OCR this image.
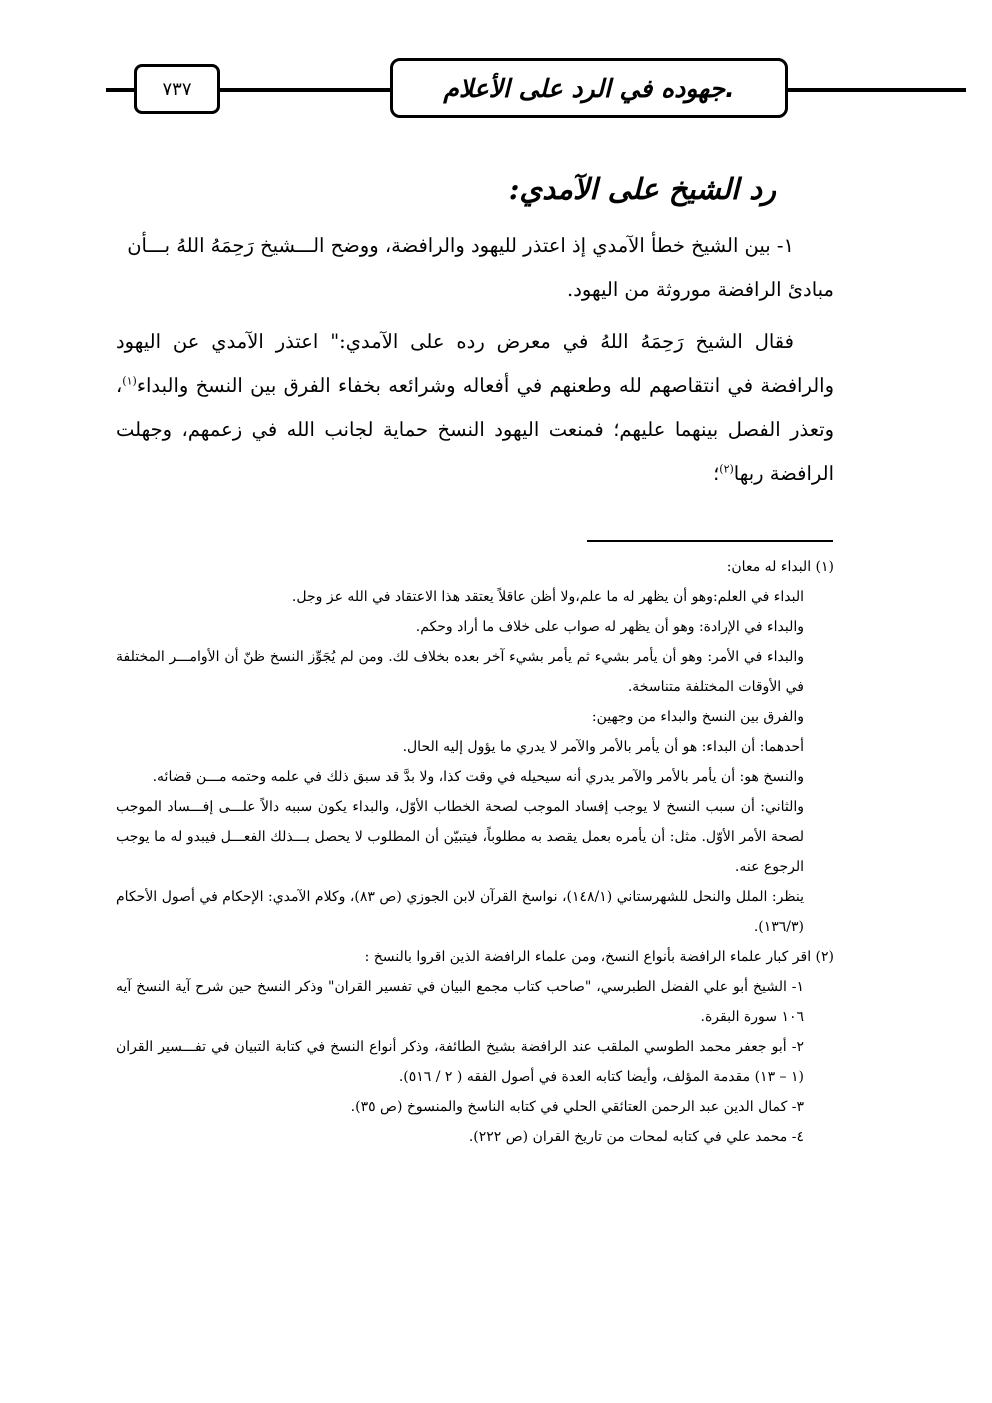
٧٣٧	جهوده في الرد على الأعلام.
رد الشيخ على الآمدي:

١- بين الشيخ خطأ الآمدي إذ اعتذر لليهود والرافضة، ووضح الـــشيخ رَحِمَهُ اللهُ بـــأن
مبادئ الرافضة موروثة من اليهود.

فقال الشيخ رَحِمَهُ اللهُ في معرض رده على الآمدي:" اعتذر الآمدي عن اليهود والرافضة في انتقاصهم لله وطعنهم في أفعاله وشرائعه بخفاء الفرق بين النسخ والبداء$^{(١)}$، وتعذر الفصل بينهما عليهم؛ فمنعت اليهود النسخ حماية لجانب الله في زعمهم، وجهلت الرافضة ربها$^{(٢)}$؛

(١) البداء له معان:

البداء في العلم:وهو أن يظهر له ما علم،ولا أظن عاقلاً يعتقد هذا الاعتقاد في الله عز وجل.

والبداء في الإرادة: وهو أن يظهر له صواب على خلاف ما أراد وحكم.

والبداء في الأمر: وهو أن يأمر بشيء ثم يأمر بشيء آخر بعده بخلاف لك. ومن لم يُجَوِّز النسخ ظنّ أن الأوامـــر المختلفة في الأوقات المختلفة متناسخة.

والفرق بين النسخ والبداء من وجهين:

أحدهما: أن البداء: هو أن يأمر بالأمر والآمر لا يدري ما يؤول إليه الحال.

والنسخ هو: أن يأمر بالأمر والآمر يدري أنه سيحيله في وقت كذا، ولا بدَّ قد سبق ذلك في علمه وحتمه مـــن قضائه.

والثاني: أن سبب النسخ لا يوجب إفساد الموجب لصحة الخطاب الأوّل، والبداء يكون سببه دالاً علـــى إفـــساد الموجب لصحة الأمر الأوّل. مثل: أن يأمره بعمل يقصد به مطلوباً، فيتبيّن أن المطلوب لا يحصل بـــذلك الفعـــل فيبدو له ما يوجب الرجوع عنه.

ينظر: الملل والنحل للشهرستاني (١٤٨/١)، نواسخ القرآن لابن الجوزي (ص ٨٣)، وكلام الآمدي: الإحكام في أصول الأحكام (١٣٦/٣).

(٢) اقر كبار علماء الرافضة بأنواع النسخ، ومن علماء الرافضة الذين اقروا بالنسخ :

١- الشيخ أبو علي الفضل الطبرسي، "صاحب كتاب مجمع البيان في تفسير القران" وذكر النسخ حين شرح آية النسخ آيه ١٠٦ سورة البقرة.

٢- أبو جعفر محمد الطوسي الملقب عند الرافضة بشيخ الطائفة، وذكر أنواع النسخ في كتابة التبيان في تفـــسير القران (١ – ١٣) مقدمة المؤلف، وأيضا كتابه العدة في أصول الفقه ( ٢ / ٥١٦).

٣- كمال الدين عبد الرحمن العتائقي الحلي في كتابه الناسخ والمنسوخ (ص ٣٥).

٤- محمد علي في كتابه لمحات من تاريخ القران (ص ٢٢٢).
